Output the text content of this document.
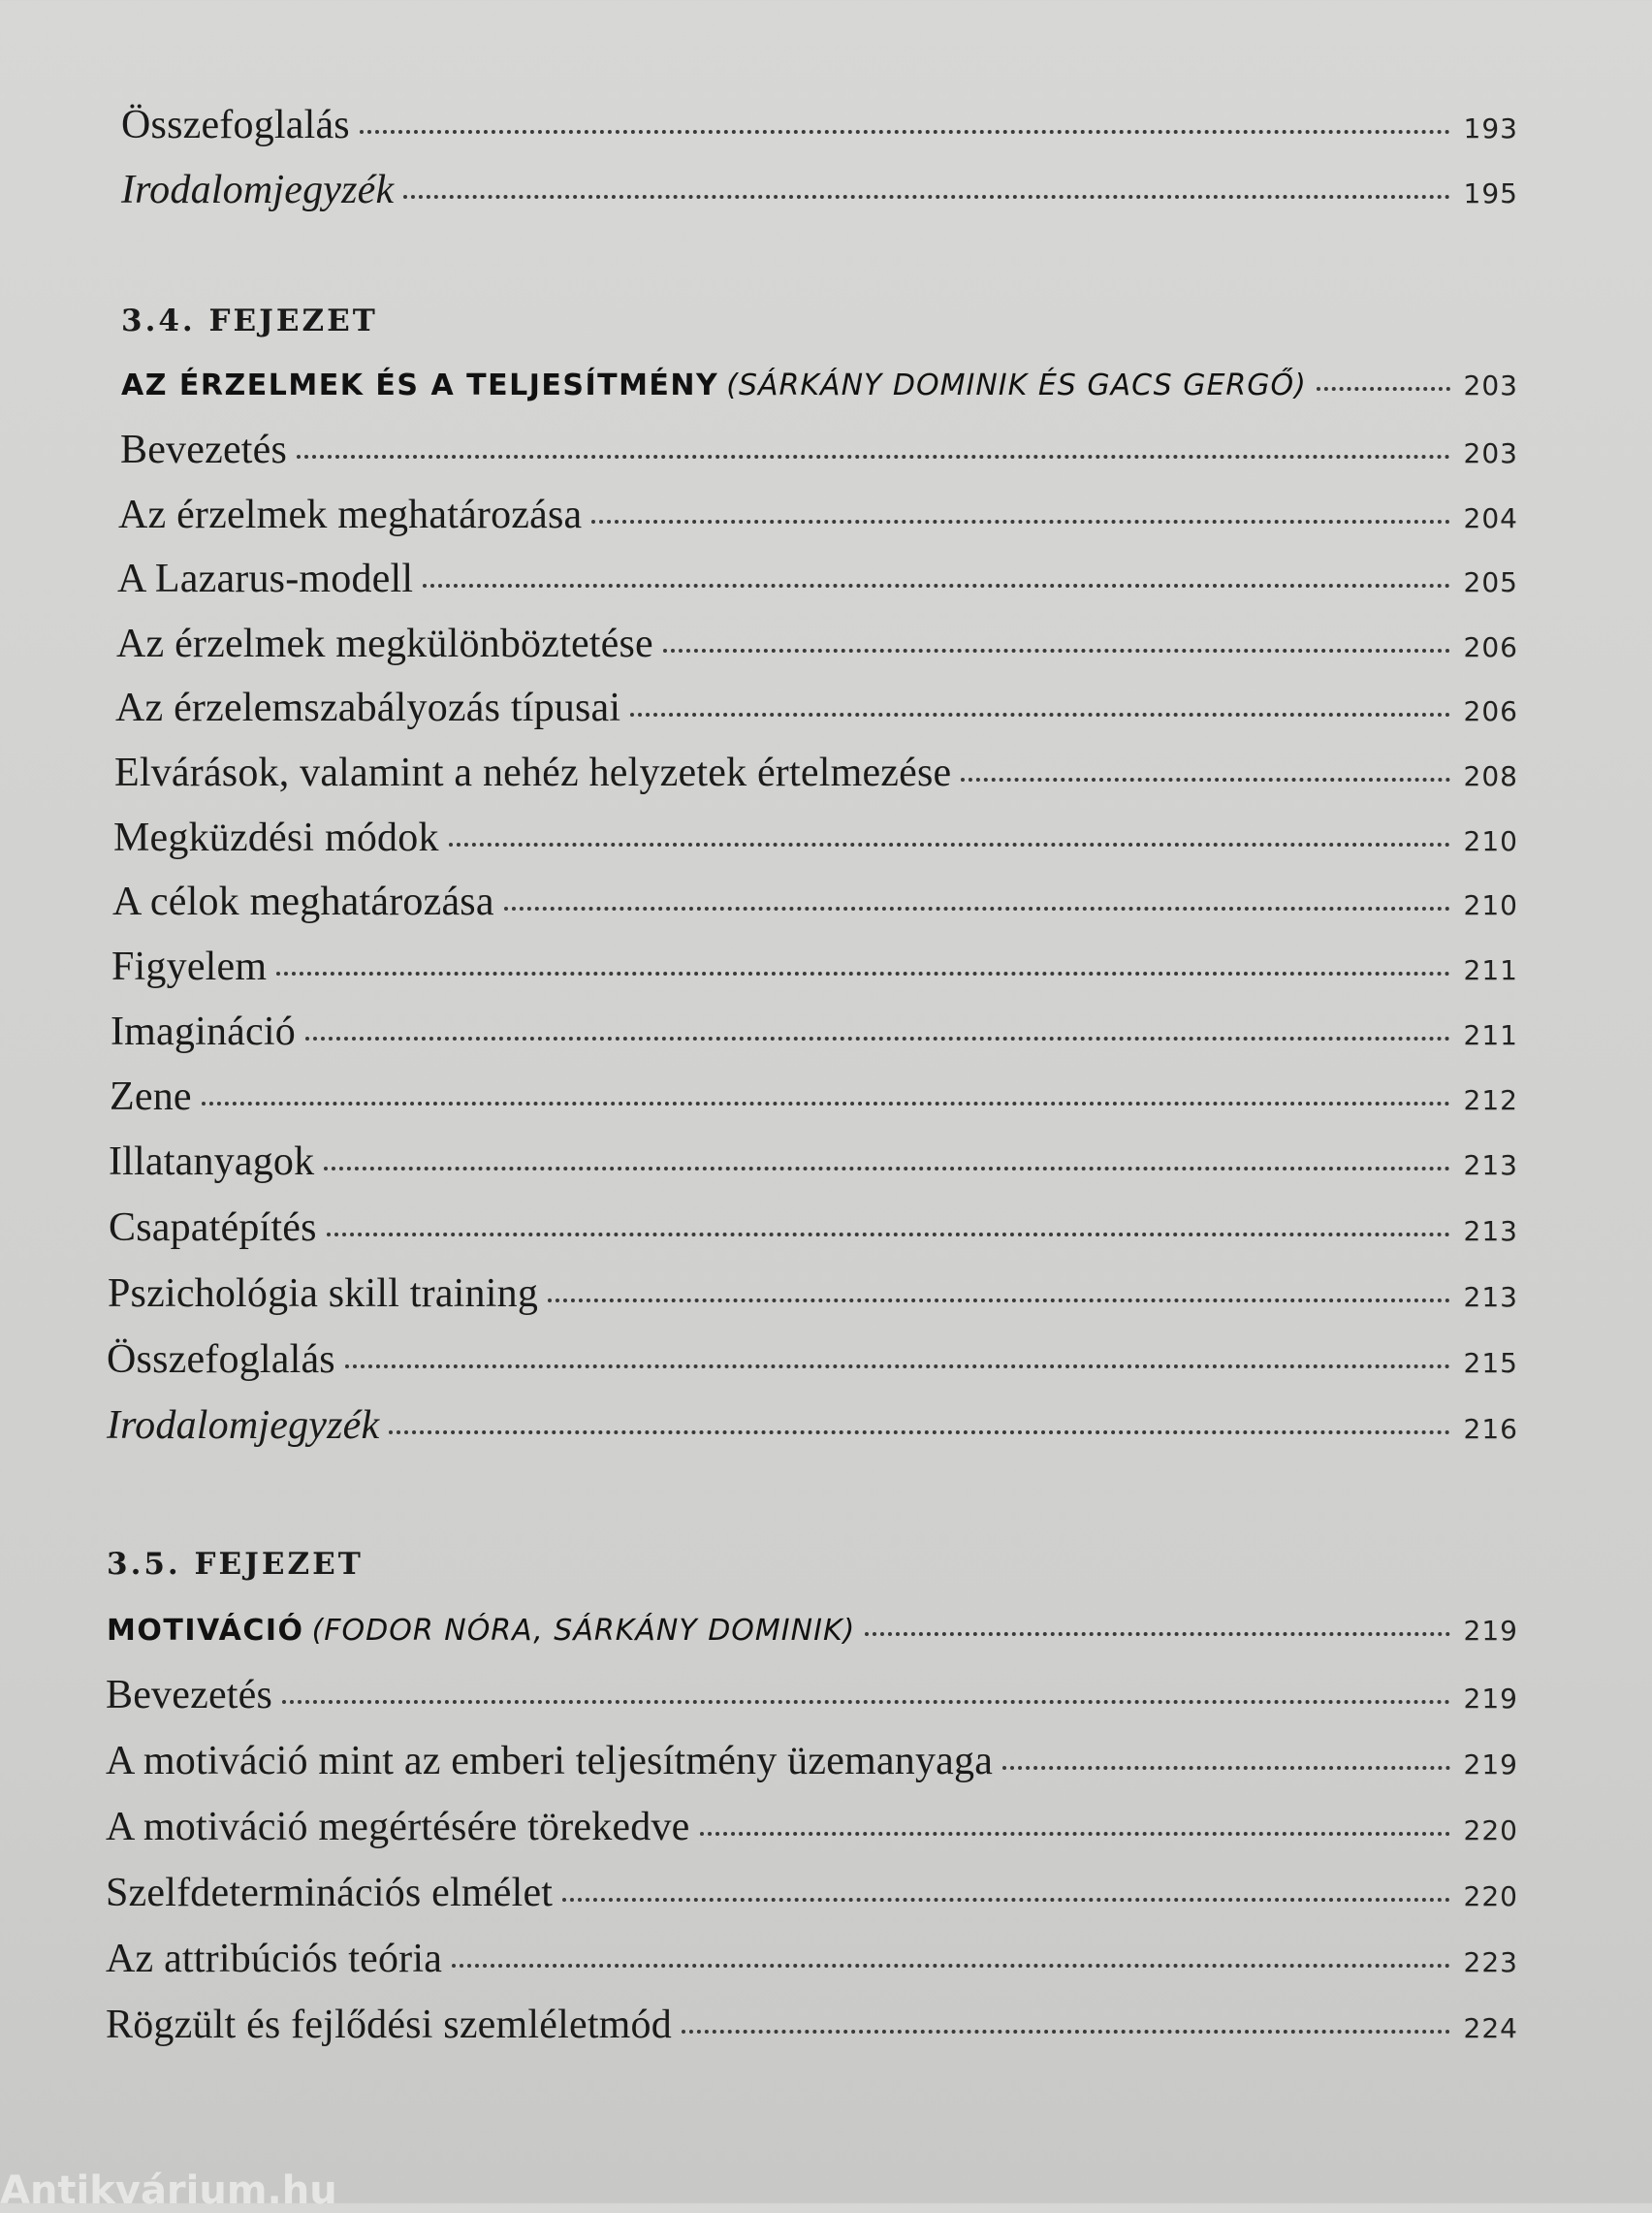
Összefoglalás	193
Irodalomjegyzék	195
3.4. FEJEZET
AZ ÉRZELMEK ÉS A TELJESÍTMÉNY (SÁRKÁNY DOMINIK ÉS GACS GERGŐ)	203
Bevezetés	203
Az érzelmek meghatározása	204
A Lazarus-modell	205
Az érzelmek megkülönböztetése	206
Az érzelemszabályozás típusai	206
Elvárások, valamint a nehéz helyzetek értelmezése	208
Megküzdési módok	210
A célok meghatározása	210
Figyelem	211
Imagináció	211
Zene	212
Illatanyagok	213
Csapatépítés	213
Pszichológia skill training	213
Összefoglalás	215
Irodalomjegyzék	216
3.5. FEJEZET
MOTIVÁCIÓ (FODOR NÓRA, SÁRKÁNY DOMINIK)	219
Bevezetés	219
A motiváció mint az emberi teljesítmény üzemanyaga	219
A motiváció megértésére törekedve	220
Szelfdeterminációs elmélet	220
Az attribúciós teória	223
Rögzült és fejlődési szemléletmód	224
Antikvárium.hu
